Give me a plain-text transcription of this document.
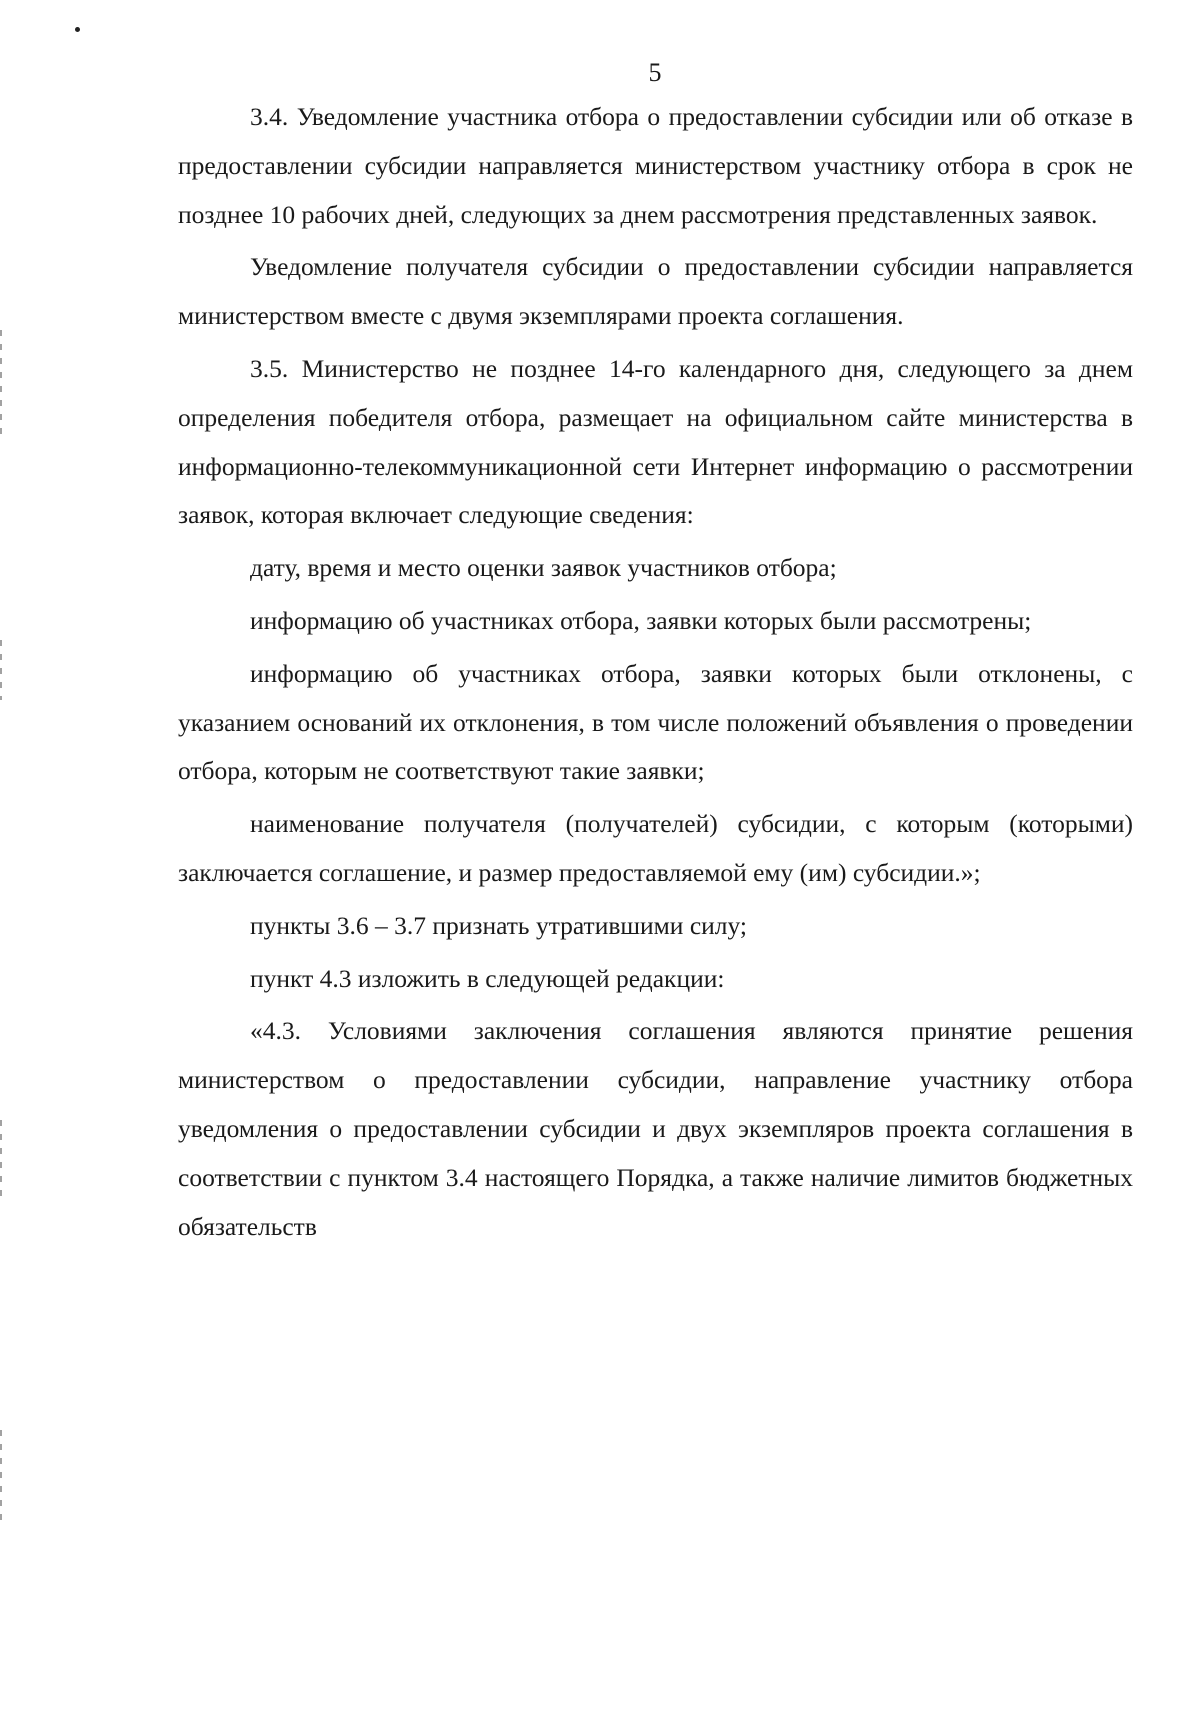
5

3.4. Уведомление участника отбора о предоставлении субсидии или об отказе в предоставлении субсидии направляется министерством участнику отбора в срок не позднее 10 рабочих дней, следующих за днем рассмотрения представленных заявок.

Уведомление получателя субсидии о предоставлении субсидии направляется министерством вместе с двумя экземплярами проекта соглашения.

3.5. Министерство не позднее 14-го календарного дня, следующего за днем определения победителя отбора, размещает на официальном сайте министерства в информационно-телекоммуникационной сети Интернет информацию о рассмотрении заявок, которая включает следующие сведения:

дату, время и место оценки заявок участников отбора;

информацию об участниках отбора, заявки которых были рассмотрены;

информацию об участниках отбора, заявки которых были отклонены, с указанием оснований их отклонения, в том числе положений объявления о проведении отбора, которым не соответствуют такие заявки;

наименование получателя (получателей) субсидии, с которым (которыми) заключается соглашение, и размер предоставляемой ему (им) субсидии.»;

пункты 3.6 – 3.7 признать утратившими силу;

пункт 4.3 изложить в следующей редакции:

«4.3. Условиями заключения соглашения являются принятие решения министерством о предоставлении субсидии, направление участнику отбора уведомления о предоставлении субсидии и двух экземпляров проекта соглашения в соответствии с пунктом 3.4 настоящего Порядка, а также наличие лимитов бюджетных обязательств
